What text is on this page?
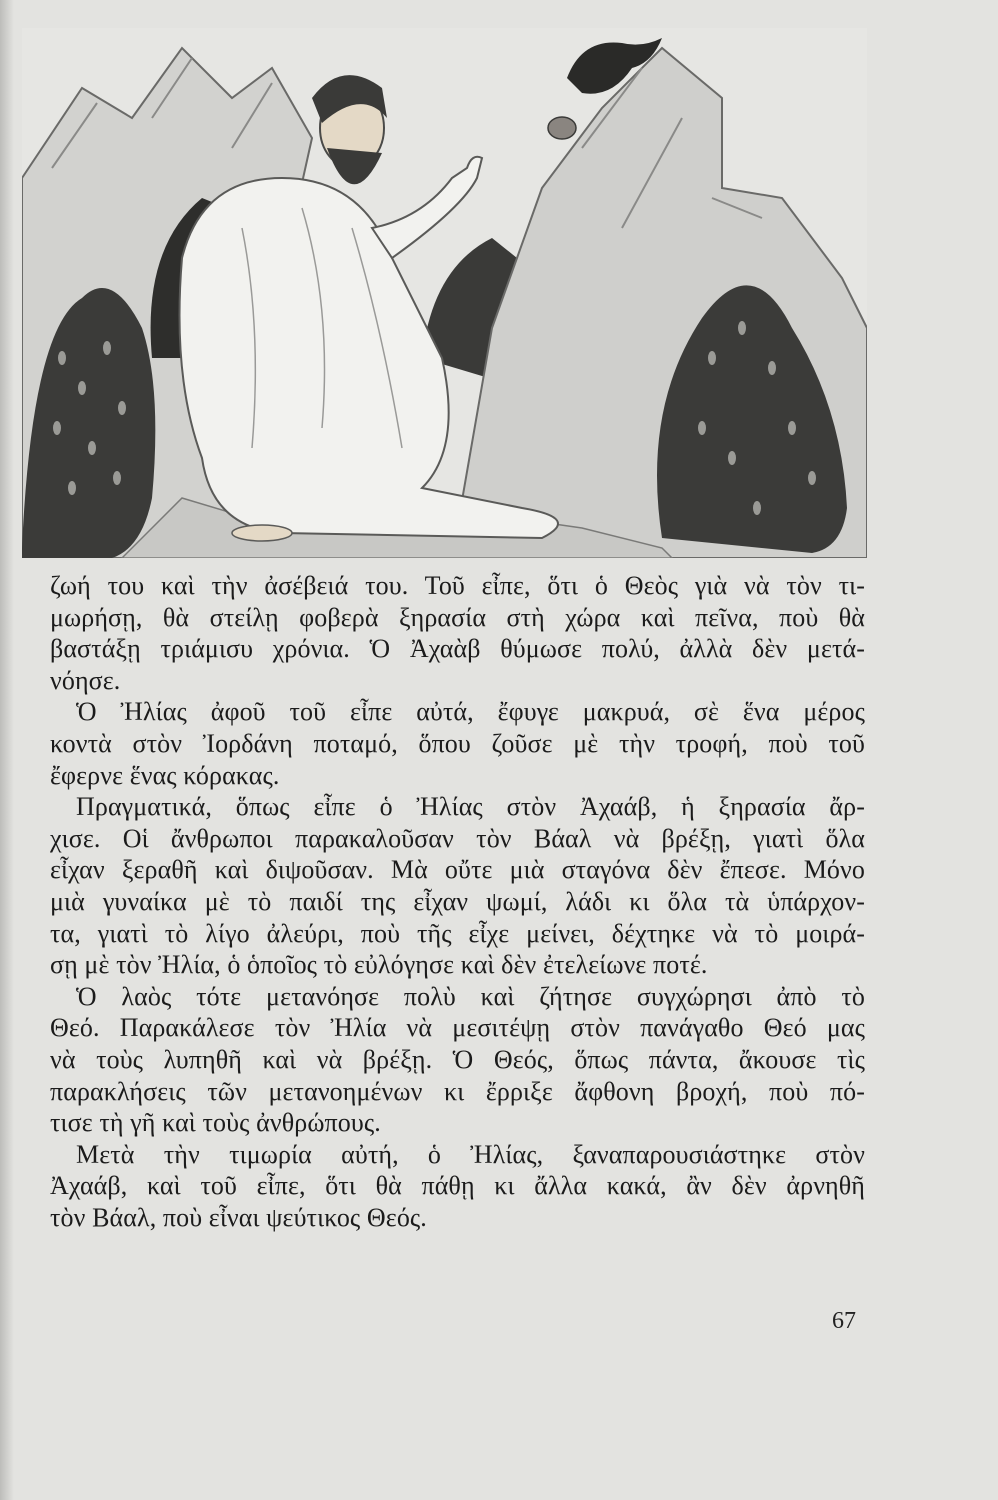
ζωή του καὶ τὴν ἀσέβειά του. Τοῦ εἶπε, ὅτι ὁ Θεὸς γιὰ νὰ τὸν τι-
μωρήσῃ, θὰ στείλῃ φοβερὰ ξηρασία στὴ χώρα καὶ πεῖνα, ποὺ θὰ
βαστάξῃ τριάμισυ χρόνια. Ὁ Ἀχαὰβ θύμωσε πολύ, ἀλλὰ δὲν μετά-
νόησε.
Ὁ Ἠλίας ἀφοῦ τοῦ εἶπε αὐτά, ἔφυγε μακρυά, σὲ ἕνα μέρος
κοντὰ στὸν Ἰορδάνη ποταμό, ὅπου ζοῦσε μὲ τὴν τροφή, ποὺ τοῦ
ἔφερνε ἕνας κόρακας.
Πραγματικά, ὅπως εἶπε ὁ Ἠλίας στὸν Ἀχαάβ, ἡ ξηρασία ἄρ-
χισε. Οἱ ἄνθρωποι παρακαλοῦσαν τὸν Βάαλ νὰ βρέξῃ, γιατὶ ὅλα
εἶχαν ξεραθῆ καὶ διψοῦσαν. Μὰ οὔτε μιὰ σταγόνα δὲν ἔπεσε. Μόνο
μιὰ γυναίκα μὲ τὸ παιδί της εἶχαν ψωμί, λάδι κι ὅλα τὰ ὑπάρχον-
τα, γιατὶ τὸ λίγο ἀλεύρι, ποὺ τῆς εἶχε μείνει, δέχτηκε νὰ τὸ μοιρά-
σῃ μὲ τὸν Ἠλία, ὁ ὁποῖος τὸ εὐλόγησε καὶ δὲν ἐτελείωνε ποτέ.
Ὁ λαὸς τότε μετανόησε πολὺ καὶ ζήτησε συγχώρησι ἀπὸ τὸ
Θεό. Παρακάλεσε τὸν Ἠλία νὰ μεσιτέψῃ στὸν πανάγαθο Θεό μας
νὰ τοὺς λυπηθῆ καὶ νὰ βρέξῃ. Ὁ Θεός, ὅπως πάντα, ἄκουσε τὶς
παρακλήσεις τῶν μετανοημένων κι ἔρριξε ἄφθονη βροχή, ποὺ πό-
τισε τὴ γῆ καὶ τοὺς ἀνθρώπους.
Μετὰ τὴν τιμωρία αὐτή, ὁ Ἠλίας, ξαναπαρουσιάστηκε στὸν
Ἀχαάβ, καὶ τοῦ εἶπε, ὅτι θὰ πάθῃ κι ἄλλα κακά, ἂν δὲν ἀρνηθῆ
τὸν Βάαλ, ποὺ εἶναι ψεύτικος Θεός.
67
